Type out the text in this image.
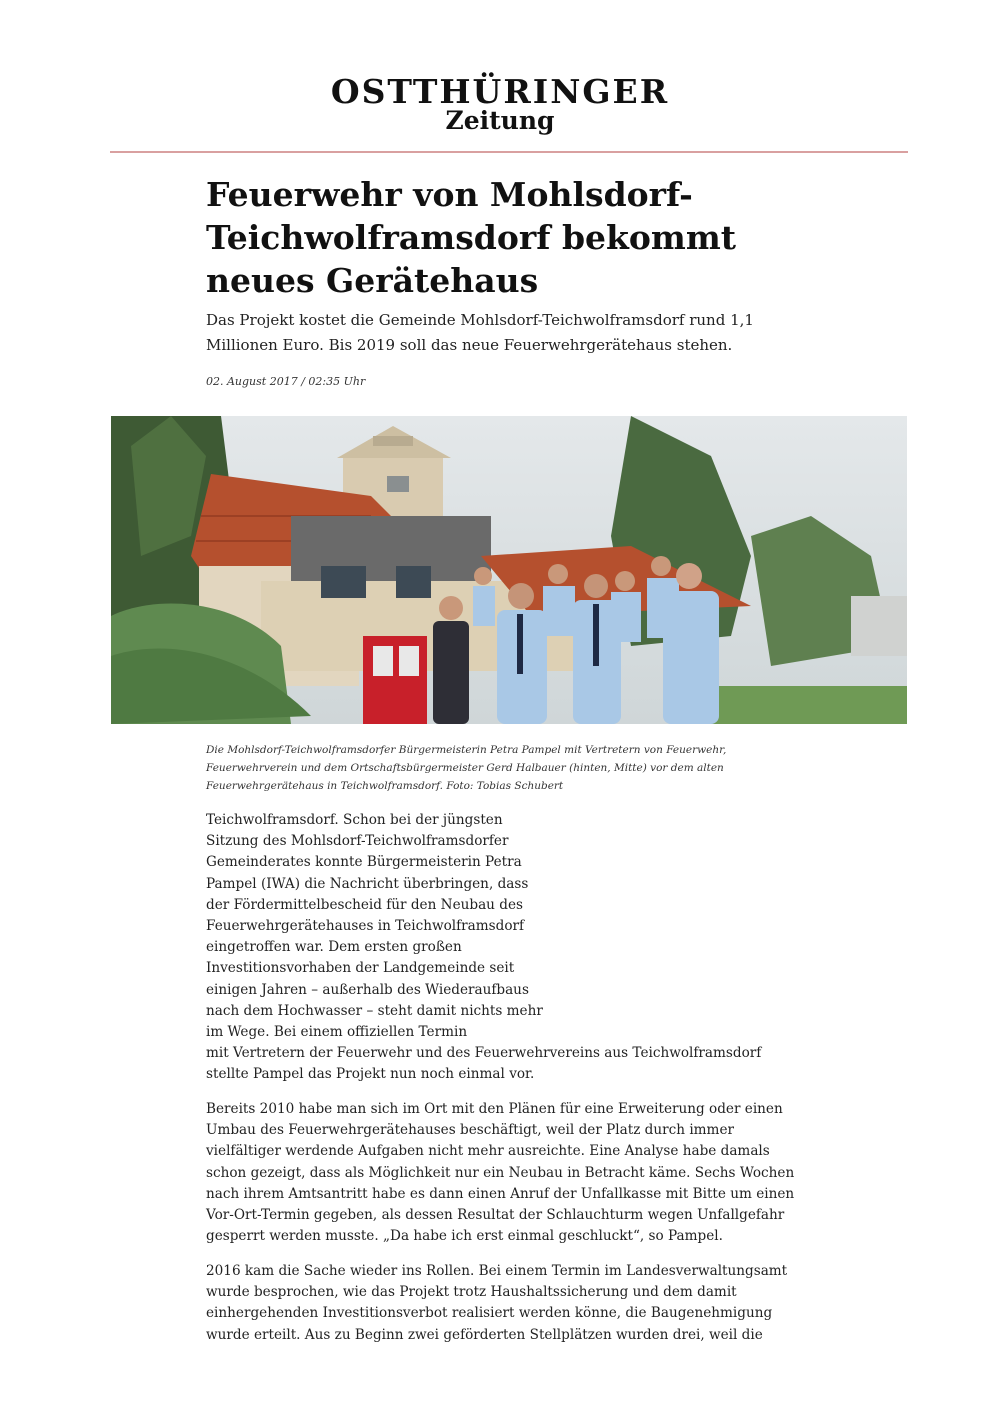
OSTTHÜRINGER
Zeitung
Feuerwehr von Mohlsdorf-Teichwolframsdorf bekommt neues Gerätehaus

Das Projekt kostet die Gemeinde Mohlsdorf-Teichwolframsdorf rund 1,1 Millionen Euro. Bis 2019 soll das neue Feuerwehrgerätehaus stehen.

02. August 2017 / 02:35 Uhr

Die Mohlsdorf-Teichwolframsdorfer Bürgermeisterin Petra Pampel mit Vertretern von Feuerwehr, Feuerwehrverein und dem Ortschaftsbürgermeister Gerd Halbauer (hinten, Mitte) vor dem alten Feuerwehrgerätehaus in Teichwolframsdorf. Foto: Tobias Schubert

Teichwolframsdorf. Schon bei der jüngsten Sitzung des Mohlsdorf-Teichwolframsdorfer Gemeinderates konnte Bürgermeisterin Petra Pampel (IWA) die Nachricht überbringen, dass der Fördermittelbescheid für den Neubau des Feuerwehrgerätehauses in Teichwolframsdorf eingetroffen war. Dem ersten großen Investitionsvorhaben der Landgemeinde seit einigen Jahren – außerhalb des Wiederaufbaus nach dem Hochwasser – steht damit nichts mehr im Wege. Bei einem offiziellen Termin
mit Vertretern der Feuerwehr und des Feuerwehrvereins aus Teichwolframsdorf stellte Pampel das Projekt nun noch einmal vor.

Bereits 2010 habe man sich im Ort mit den Plänen für eine Erweiterung oder einen Umbau des Feuerwehrgerätehauses beschäftigt, weil der Platz durch immer vielfältiger werdende Aufgaben nicht mehr ausreichte. Eine Analyse habe damals schon gezeigt, dass als Möglichkeit nur ein Neubau in Betracht käme. Sechs Wochen nach ihrem Amtsantritt habe es dann einen Anruf der Unfallkasse mit Bitte um einen Vor-Ort-Termin gegeben, als dessen Resultat der Schlauchturm wegen Unfallgefahr gesperrt werden musste. „Da habe ich erst einmal geschluckt“, so Pampel.

2016 kam die Sache wieder ins Rollen. Bei einem Termin im Landesverwaltungsamt wurde besprochen, wie das Projekt trotz Haushaltssicherung und dem damit einhergehenden Investitionsverbot realisiert werden könne, die Baugenehmigung wurde erteilt. Aus zu Beginn zwei geförderten Stellplätzen wurden drei, weil die
